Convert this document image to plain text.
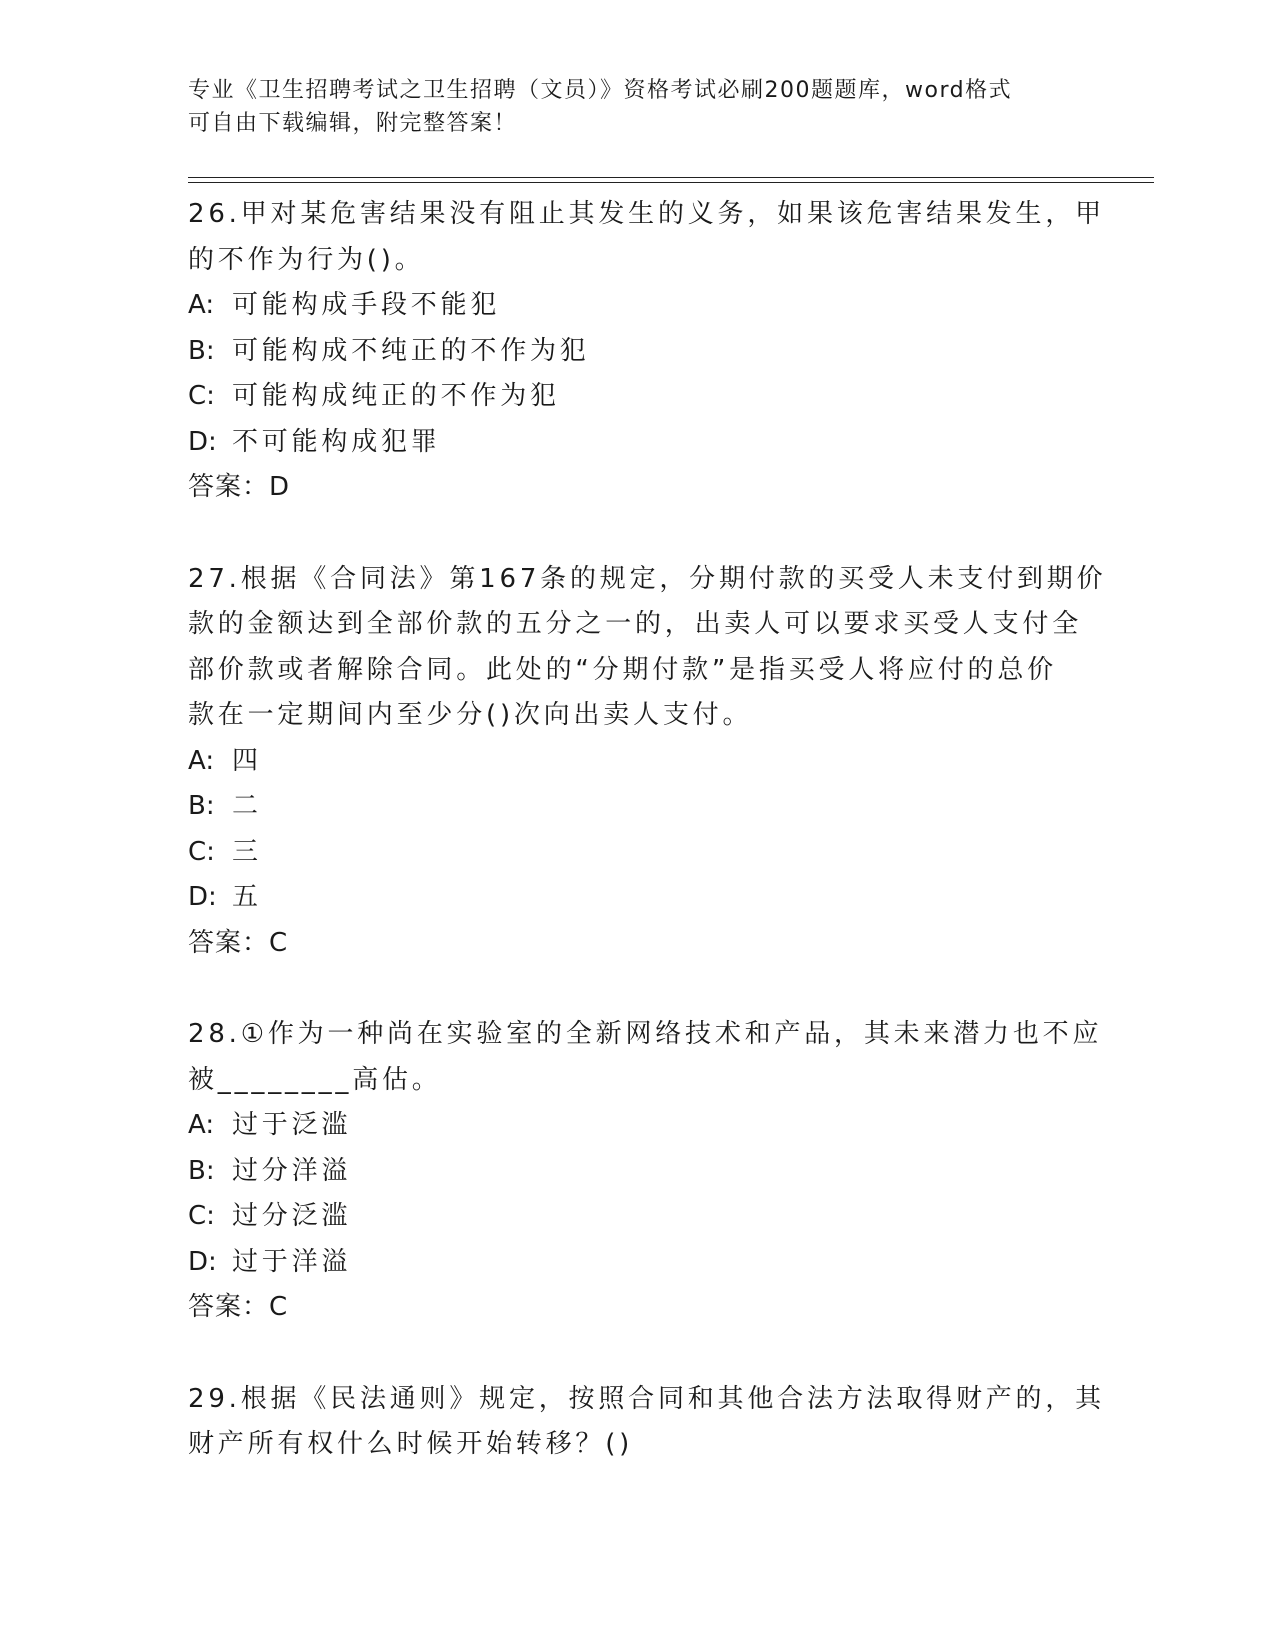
专业《卫生招聘考试之卫生招聘（文员）》资格考试必刷200题题库，word格式
可自由下载编辑，附完整答案！
26.甲对某危害结果没有阻止其发生的义务，如果该危害结果发生，甲
的不作为行为()。
A: 可能构成手段不能犯
B: 可能构成不纯正的不作为犯
C: 可能构成纯正的不作为犯
D: 不可能构成犯罪
答案：D
27.根据《合同法》第167条的规定，分期付款的买受人未支付到期价
款的金额达到全部价款的五分之一的，出卖人可以要求买受人支付全
部价款或者解除合同。此处的“分期付款”是指买受人将应付的总价
款在一定期间内至少分()次向出卖人支付。
A: 四
B: 二
C: 三
D: 五
答案：C
28.①作为一种尚在实验室的全新网络技术和产品，其未来潜力也不应
被________高估。
A: 过于泛滥
B: 过分洋溢
C: 过分泛滥
D: 过于洋溢
答案：C
29.根据《民法通则》规定，按照合同和其他合法方法取得财产的，其
财产所有权什么时候开始转移？()
